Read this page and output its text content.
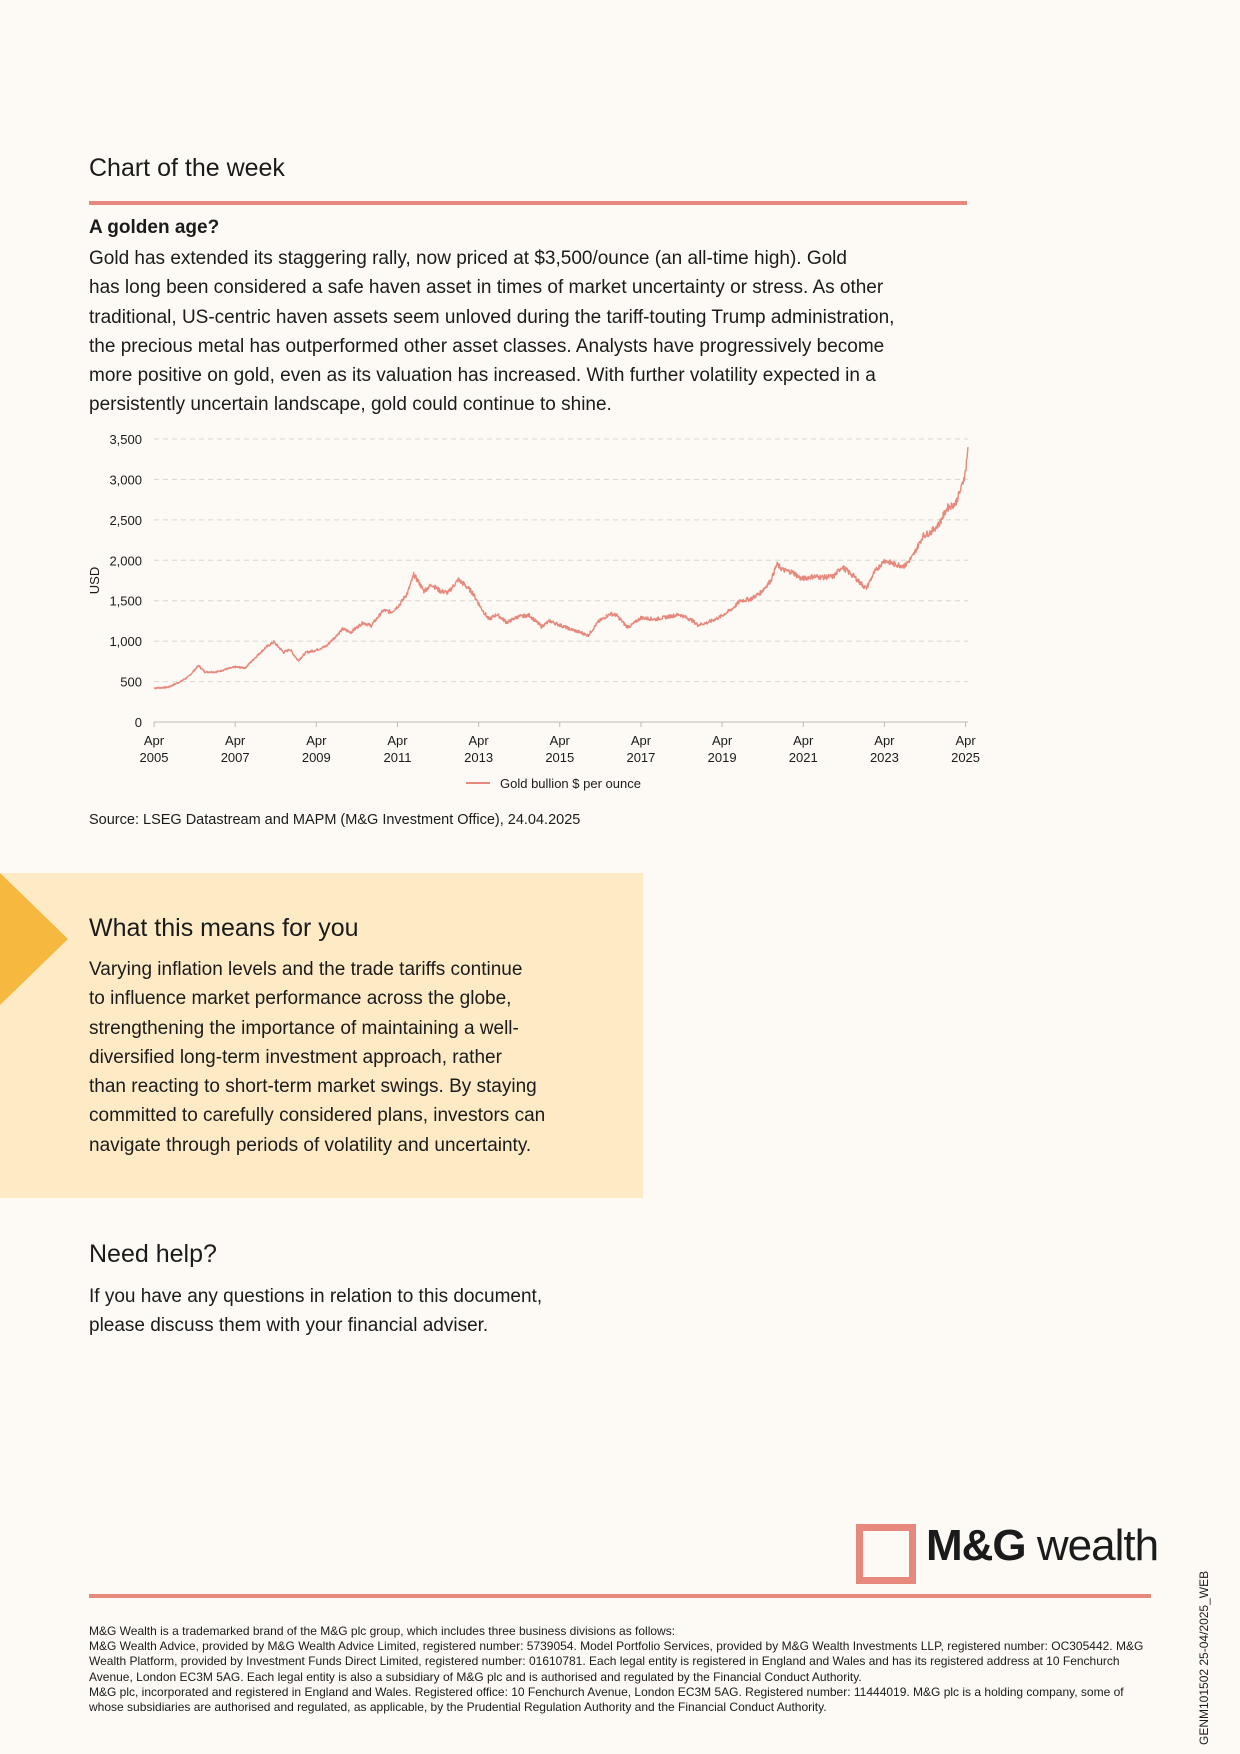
Chart of the week
A golden age?
Gold has extended its staggering rally, now priced at $3,500/ounce (an all-time high). Gold
has long been considered a safe haven asset in times of market uncertainty or stress. As other
traditional, US-centric haven assets seem unloved during the tariff-touting Trump administration,
the precious metal has outperformed other asset classes. Analysts have progressively become
more positive on gold, even as its valuation has increased. With further volatility expected in a
persistently uncertain landscape, gold could continue to shine.
0
500
1,000
1,500
2,000
2,500
3,000
3,500
Apr
2005
Apr
2007
Apr
2009
Apr
2011
Apr
2013
Apr
2015
Apr
2017
Apr
2019
Apr
2021
Apr
2023
Apr
2025
USD
Gold bullion $ per ounce

Source: LSEG Datastream and MAPM (M&G Investment Office), 24.04.2025

What this means for you
Varying inflation levels and the trade tariffs continue
to influence market performance across the globe,
strengthening the importance of maintaining a well-
diversified long-term investment approach, rather
than reacting to short-term market swings. By staying
committed to carefully considered plans, investors can
navigate through periods of volatility and uncertainty.
Need help?
If you have any questions in relation to this document,
please discuss them with your financial adviser.
M&G wealth
GENM101502 25-04/2025_WEB

M&G Wealth is a trademarked brand of the M&G plc group, which includes three business divisions as follows:

M&G Wealth Advice, provided by M&G Wealth Advice Limited, registered number: 5739054. Model Portfolio Services, provided by M&G Wealth Investments LLP, registered number: OC305442. M&G Wealth Platform, provided by Investment Funds Direct Limited, registered number: 01610781. Each legal entity is registered in England and Wales and has its registered address at 10 Fenchurch Avenue, London EC3M 5AG. Each legal entity is also a subsidiary of M&G plc and is authorised and regulated by the Financial Conduct Authority.

M&G plc, incorporated and registered in England and Wales. Registered office: 10 Fenchurch Avenue, London EC3M 5AG. Registered number: 11444019. M&G plc is a holding company, some of whose subsidiaries are authorised and regulated, as applicable, by the Prudential Regulation Authority and the Financial Conduct Authority.
